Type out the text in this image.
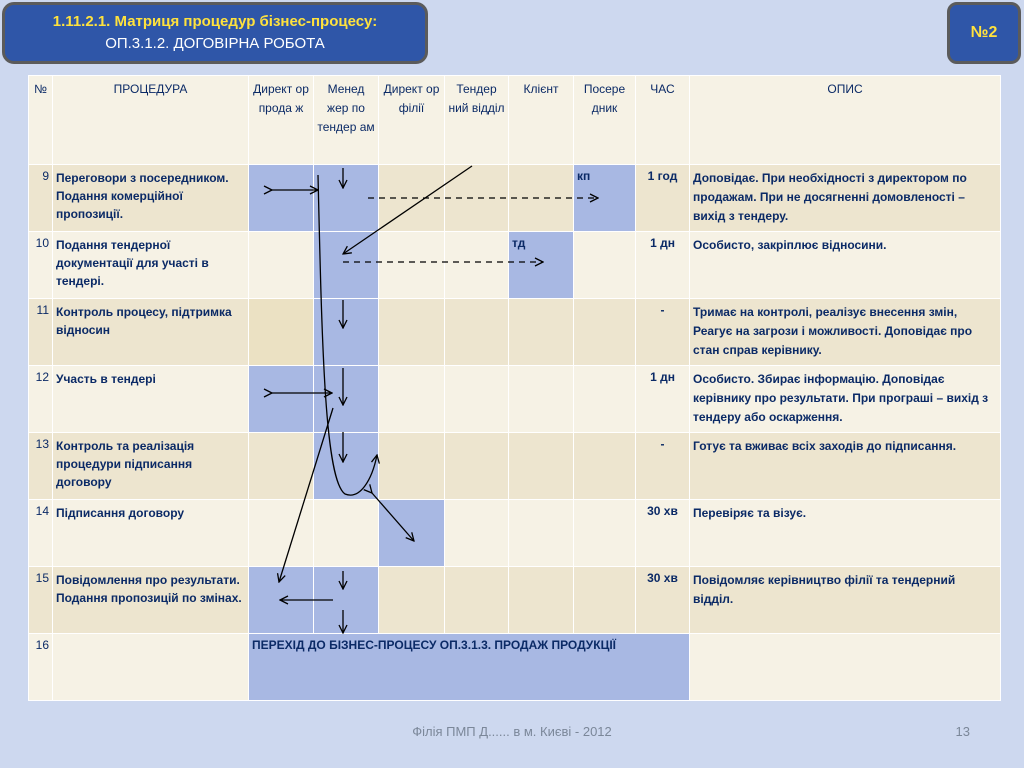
1.11.2.1. Матриця процедур бізнес-процесу:
ОП.3.1.2. ДОГОВІРНА РОБОТА
№2
№	ПРОЦЕДУРА	Директ ор прода ж	Менед жер по тендер ам	Директ ор філії	Тендер ний відділ	Клієнт	Посере дник	ЧАС	ОПИС
9	Переговори з посередником. Подання комерційної пропозиції.						кп	1 год	Доповідає. При необхідності з директором по продажам. При не досягненні домовленості – вихід з тендеру.
10	Подання тендерної документації для участі в тендері.					тд		1 дн	Особисто, закріплює відносини.
11	Контроль процесу, підтримка відносин							-	Тримає на контролі, реалізує внесення змін, Реагує на загрози і можливості. Доповідає про стан справ керівнику.
12	Участь в тендері							1 дн	Особисто. Збирає інформацію. Доповідає керівнику про результати. При програші – вихід з тендеру або оскарження.
13	Контроль та реалізація процедури підписання договору							-	Готує та вживає всіх заходів до підписання.
14	Підписання договору							30 хв	Перевіряє та візує.
15	Повідомлення про результати. Подання пропозицій по змінах.							30 хв	Повідомляє керівництво філії та тендерний відділ.
16		ПЕРЕХІД ДО БІЗНЕС-ПРОЦЕСУ ОП.3.1.3. ПРОДАЖ ПРОДУКЦІЇ							
Філія ПМП Д...... в м. Києві - 2012	13
